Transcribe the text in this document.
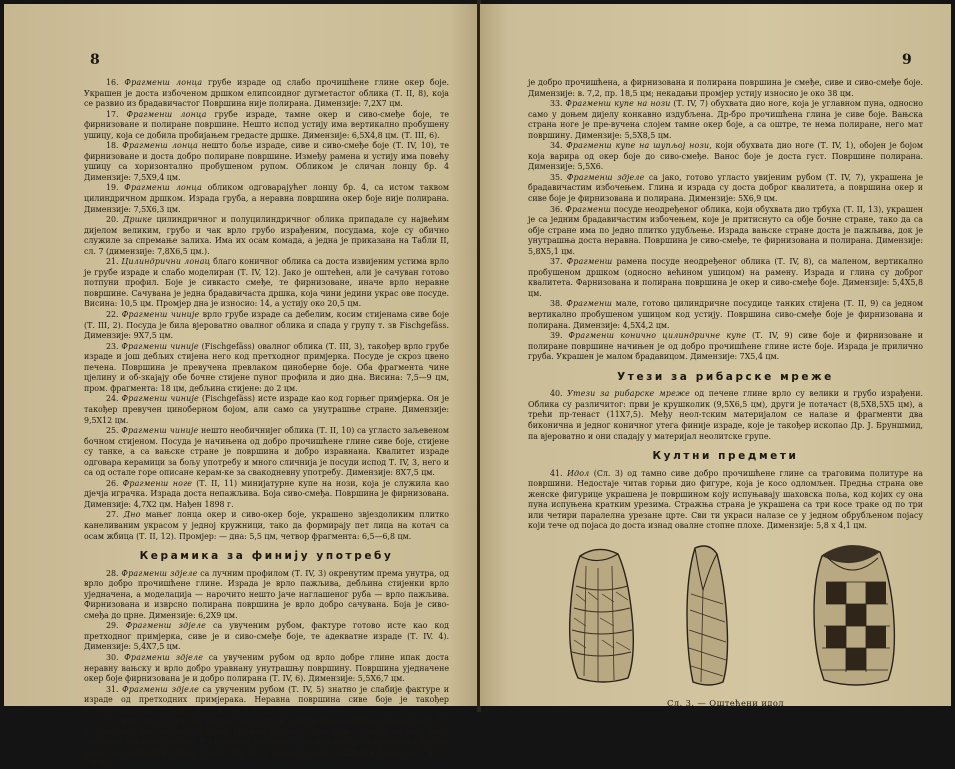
8

16. Фрагменш лонца грубе израде од слабо прочишћене глине окер боје. Украшен је доста избоченом дршком елипсоидног дугметастог облика (Т. II, 8), која се развио из брадавичастог Површина није полирана. Димензије: 7,2Х7 цм.

17. Фрагменш лонца грубе израде, тамне окер и сиво-смеђе боје, те фирнизоване и полиране површине. Нешто испод устију има вертикално пробушену ушицу, која се добила пробијањем гредасте дршке. Димензије: 6,5Х4,8 цм. (Т. III, 6).

18. Фрагменш лонца нешто боље израде, сиве и сиво-смеђе боје (Т. IV, 10), те фирнизоване и доста добро полиране површине. Између рамена и устију има повећу ушицу са хоризонтално пробушеном рупом. Обликом је сличан лонцу бр. 4 Димензије: 7,5Х9,4 цм.

19. Фрагменш лонца обликом одговарајућег лонцу бр. 4, са истом таквом цилиндричном дршком. Израда груба, а неравна површина окер боје није полирана. Димензије: 7,5Х6,3 цм.

20. Дршке цилиндричног и полуцилиндричног облика припадале су највећим дијелом великим, грубо и чак врло грубо израђеним, посудама, које су обично служиле за спремање залиха. Има их осам комада, а једна је приказана на Табли II, сл. 7 (димензије: 7,8Х6,5 цм.).

21. Цилиндрични лонац благо коничног облика са доста извијеним устима врло је грубе израде и слабо моделиран (Т. IV, 12). Јако је оштећен, али је сачуван готово потпуни профил. Боје је сивкасто смеђе, те фирнизоване, иначе врло неравне површине. Сачувана је једна брадавичаста дршка, која чини једини украс ове посуде. Висина: 10,5 цм. Промјер дна је износио: 14, а устију око 20,5 цм.

22. Фрагменш чиније врло грубе израде са дебелим, косим стијенама сиве боје (Т. III, 2). Посуда је била вјероватно овалног облика и спада у групу т. зв Fischgefäss. Димензије: 9Х7,5 цм.

23. Фрагменш чиније (Fischgefäss) овалног облика (Т. III, 3), такођер врло грубе израде и још дебљих стијена него код претходног примјерка. Посуде је скроз цвено печена. Површина је превучена превлаком циноберне боје. Оба фрагмента чине цјелину и об‑зкајају обе бочне стијене пуног профила и дио дна. Висина: 7,5—9 цм, пром. фрагмента: 18 цм, дебљина стијене: до 2 цм.

24. Фрагменш чиније (Fischgefäss) исте израде као код горњег примјерка. Он је такођер превучен циноберном бојом, али само са унутрашње стране. Димензије: 9,5Х12 цм.

25. Фрагменш чиније нешто необичнијег облика (Т. II, 10) са угласто заљевеном бочном стијеном. Посуда је начињена од добро прочишћене глине сиве боје, стијене су танке, а са вањске стране је површина и добро изравнана. Квалитет израде одговара керамици за бољу употребу и много сличнија је посуди испод Т. IV, 3, него и са од осталe горе описане керам‑ке за свакодневну употребу. Димензије: 8Х7,5 цм.

26. Фрагменш ноге (Т. II, 11) минијатурне купе на нози, која је служила као дјечја играчка. Израда доста непажљива. Боја сиво-смеђа. Површина је фирнизована. Димензије: 4,7Х2 цм. Нађен 1898 г.

27. Дно мањег лонца окер и сиво-окер боје, украшено звјездоликим плитко канеливаним украсом у једној кружници, тако да формирају пет лица на котач са осам жбица (Т. II, 12). Промјер: — дна: 5,5 цм, четвор фрагмента: 6,5—6,8 цм.

Керамика за финију употребу

28. Фрагменш здјеле са лучним профилом (Т. IV, 3) окренутим према унутра, од врло добро прочишћене глине. Израда је врло пажљива, дебљина стијенки врло уједначена, а моделација — нарочито нешто јаче наглашеног руба — врло пажљива. Фирнизована и изврсно полирана површина је врло добро сачувана. Боја је сиво-смеђа до црне. Димензије: 6,2Х9 цм.

29. Фрагменш здјеле са увученим рубом, фактуре готово исте као код претходног примјерка, сиве је и сиво-смеђе боје, те адекватне израде (Т. IV. 4). Димензије: 5,4Х7,5 цм.

30. Фрагменш здјеле са увученим рубом од врло добре глине ипак доста неравну вањску и врло добро уравнану унутрашњу површину. Површина уједначене окер боје фирнизована је и добро полирана (Т. IV, 6). Димензије: 5,5Х6,7 цм.

31. Фрагменш здјеле са увученим рубом (Т. IV, 5) знатно је слабије фактуре и израде од претходних примјерака. Неравна површина сиве боје је такођер фирнизована и полирана. Димензије: 5,6Х6,9 цм.

32. Фрагменш купе на шупљој нози, која је била врло великих димензија (Т. III, 1), обухвата дио (готово потпуни кружни исјечак) саме купе, док се од ноге нису сачували никакви трагови. На конични дио саме купе надовезује се пртенасти кратки појас са извијеним рубом. Доњи дио купе показује јасно оштрена пријелаз у ногу. Глина

9

је добро прочишћена, а фирнизована и полирана површина је смеђе, сиве и сиво-смеђе боје. Димензије: в. 7,2, пр. 18,5 цм; некадањи промјер устију износио је око 38 цм.

33. Фрагменш купе на нози (Т. IV, 7) обухвата дио ноге, која је углавном пуна, односно само у доњем дијелу конкавно издубљена. Др‑бро прочишћена глина је сиве боје. Вањска страна ноге је пре‑вучена слојем тамне окер боје, а са оштре, те нема полиране, него мат површину. Димензије: 5,5Х8,5 цм.

34. Фрагменш купе на шупљој нози, који обухвата дио ноге (Т. IV, 1), обојен је бојом која варира од окер боје до сиво-смеђе. Ванос боје је доста густ. Површине полирана. Димензије: 5,5Х6.

35. Фрагменш здјеле са јако, готово угласто увијеним рубом (Т. IV, 7), украшена је брадавичастим избочењем. Глина и израда су доста доброг квалитета, а површина окер и сиве боје је фирнизована и полирана. Димензије: 5Х6,9 цм.

36. Фрагменш посуде неодређеног облика, који обухвата дио трбуха (Т. II, 13), украшен је са једним брадавичастим избочењем, које је притиснуто са обје бочне стране, тако да са обје стране има по једно плитко удубљење. Израда вањске стране доста је пажљива, док је унутрашња доста неравна. Површина је сиво-смеђе, те фирнизована и полирана. Димензије: 5,8Х5,1 цм.

37. Фрагменш рамена посуде неодређеног облика (Т. IV, 8), са маленом, вертикално пробушеном дршком (односно већином ушицом) на рамену. Израда и глина су доброг квалитета. Фарнизована и полирана површина је окер и сиво-смеђе боје. Димензије: 5,4Х5,8 цм.

38. Фрагменш мале, готово цилиндричне посудице танких стијена (Т. II, 9) са једном вертикално пробушеном ушицом код устију. Површина сиво-смеђе боје је фирнизована и полирана. Димензије: 4,5Х4,2 цм.

39. Фрагменш коничнo цилиндричне купе (Т. IV, 9) сиве боје и фирнизоване и полиране површине начињен је од добро прочишћене глине исте боје. Израда је прилично груба. Украшен је малом брадавицом. Димензије: 7Х5,4 цм.

Утези за рибарске мреже

40. Утези за рибарске мреже од печене глине врло су велики и грубо израђени. Облика су различитог: први је крушколик (9,5Х6,5 цм), други је потачаст (8,5Х8,5Х5 цм), а трећи пр‑тенаст (11Х7,5). Међу неол‑тским материјалом се налазе и фрагменти два биконична и једног коничног утега финије израде, које је такођер ископао Др. Ј. Бруншмид, па вјероватно и они спадају у материјал неолитске групе.

Култни предмети

41. Идол (Сл. 3) од тамно сиве добро прочишћене глине са траговима политуре на површини. Недостаје читав горњи дио фигуре, која је косо одломљен. Предња страна ове женске фигурице украшена је површином коју испуњавају шаховска поља, код којих су она пуна испуњена кратким урезима. Стражња страна је украшена са три косе траке од по три или четири паралелна урезане црте. Сви ти украси налазе се у једном обрубљеном појасу који тече од појаса до доста изнад oвалне стопне плохе. Димензије: 5,8 х 4,1 цм.

Сл. 3. — Оштећени идол
